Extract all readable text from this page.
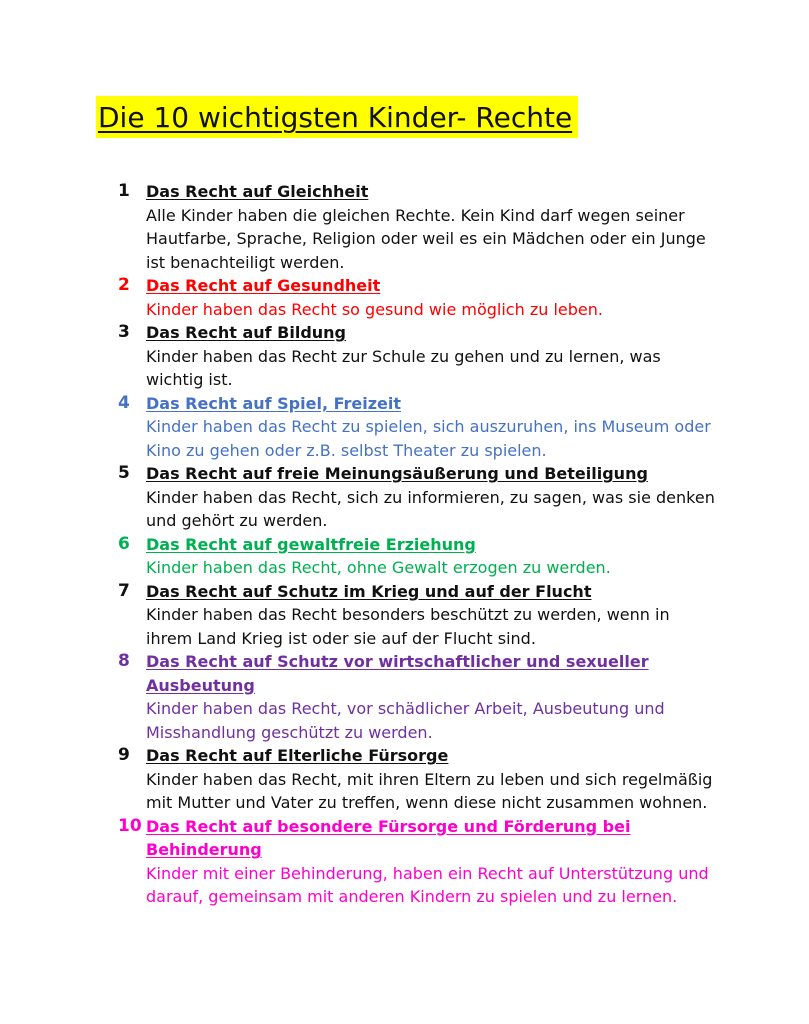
Die 10 wichtigsten Kinder- Rechte
1 Das Recht auf Gleichheit
Alle Kinder haben die gleichen Rechte. Kein Kind darf wegen seiner Hautfarbe, Sprache, Religion oder weil es ein Mädchen oder ein Junge ist benachteiligt werden.
2 Das Recht auf Gesundheit
Kinder haben das Recht so gesund wie möglich zu leben.
3 Das Recht auf Bildung
Kinder haben das Recht zur Schule zu gehen und zu lernen, was wichtig ist.
4 Das Recht auf Spiel, Freizeit
Kinder haben das Recht zu spielen, sich auszuruhen, ins Museum oder Kino zu gehen oder z.B. selbst Theater zu spielen.
5 Das Recht auf freie Meinungsäußerung und Beteiligung
Kinder haben das Recht, sich zu informieren, zu sagen, was sie denken und gehört zu werden.
6 Das Recht auf gewaltfreie Erziehung
Kinder haben das Recht, ohne Gewalt erzogen zu werden.
7 Das Recht auf Schutz im Krieg und auf der Flucht
Kinder haben das Recht besonders beschützt zu werden, wenn in ihrem Land Krieg ist oder sie auf der Flucht sind.
8 Das Recht auf Schutz vor wirtschaftlicher und sexueller Ausbeutung
Kinder haben das Recht, vor schädlicher Arbeit, Ausbeutung und Misshandlung geschützt zu werden.
9 Das Recht auf Elterliche Fürsorge
Kinder haben das Recht, mit ihren Eltern zu leben und sich regelmäßig mit Mutter und Vater zu treffen, wenn diese nicht zusammen wohnen.
10 Das Recht auf besondere Fürsorge und Förderung bei Behinderung
Kinder mit einer Behinderung, haben ein Recht auf Unterstützung und darauf, gemeinsam mit anderen Kindern zu spielen und zu lernen.
